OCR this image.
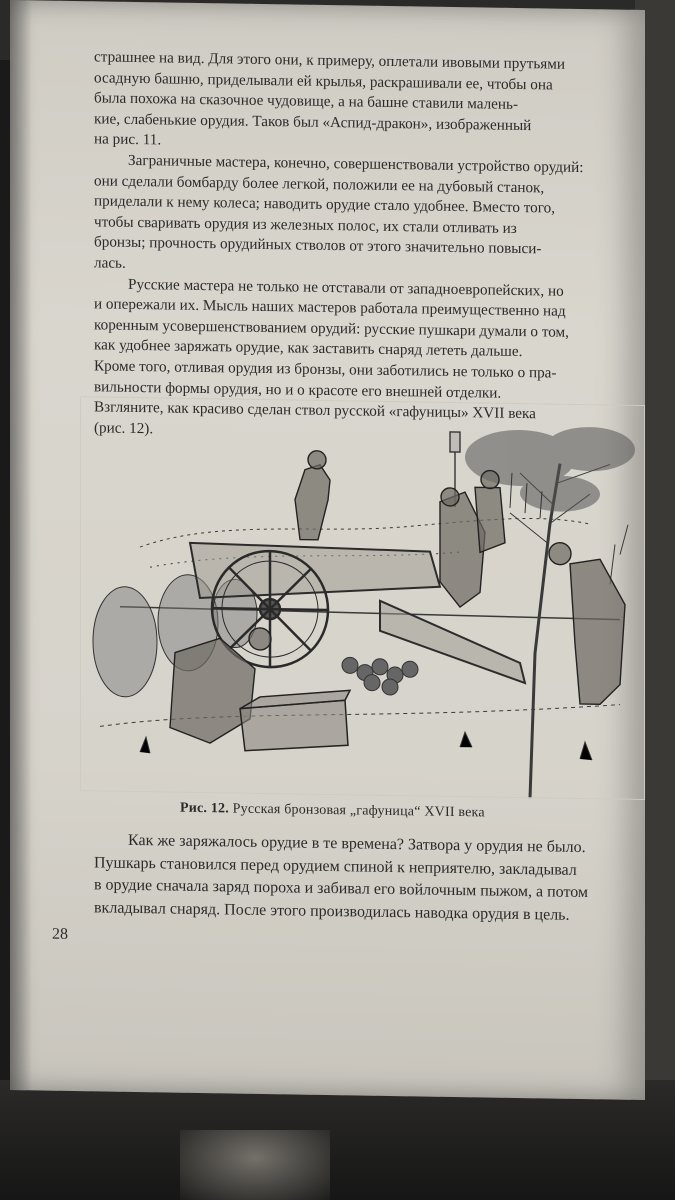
страшнее на вид. Для этого они, к примеру, оплетали ивовыми прутьями
осадную башню, приделывали ей крылья, раскрашивали ее, чтобы она
была похожа на сказочное чудовище, а на башне ставили малень-
кие, слабенькие орудия. Таков был «Аспид-дракон», изображенный
на рис. 11.

Заграничные мастера, конечно, совершенствовали устройство орудий:
они сделали бомбарду более легкой, положили ее на дубовый станок,
приделали к нему колеса; наводить орудие стало удобнее. Вместо того,
чтобы сваривать орудия из железных полос, их стали отливать из
бронзы; прочность орудийных стволов от этого значительно повыси-
лась.

Русские мастера не только не отставали от западноевропейских, но
и опережали их. Мысль наших мастеров работала преимущественно над
коренным усовершенствованием орудий: русские пушкари думали о том,
как удобнее заряжать орудие, как заставить снаряд лететь дальше.
Кроме того, отливая орудия из бронзы, они заботились не только о пра-
вильности формы орудия, но и о красоте его внешней отделки.
Взгляните, как красиво сделан ствол русской «гафуницы» XVII века
(рис. 12).

Рис. 12. Русская бронзовая „гафуница“ XVII века

Как же заряжалось орудие в те времена? Затвора у орудия не было.
Пушкарь становился перед орудием спиной к неприятелю, закладывал
в орудие сначала заряд пороха и забивал его войлочным пыжом, а потом
вкладывал снаряд. После этого производилась наводка орудия в цель.

28
